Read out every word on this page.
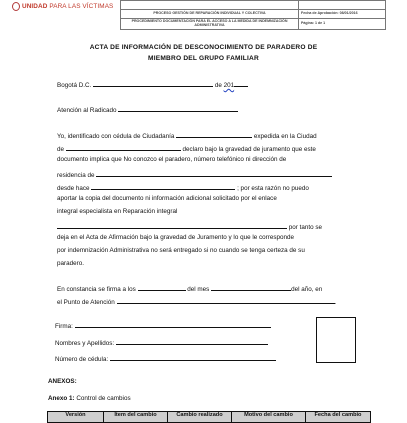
UNIDAD PARA LAS VÍCTIMAS

PROCESO GESTIÓN DE REPARACIÓN INDIVIDUAL Y COLECTIVA	Fecha de Aprobación: 08/01/2016
PROCEDIMIENTO DOCUMENTACIÓN PARA EL ACCESO A LA MEDIDA DE INDEMNIZACIÓN ADMINISTRATIVA	Página: 1 de 1
ACTA DE INFORMACIÓN DE DESCONOCIMIENTO DE PARADERO DE
MIEMBRO DEL GRUPO FAMILIAR
Bogotá D.C.	de 201
Atención al Radicado
Yo, identificado con cédula de Ciudadanía	expedida en la Ciudad
de	declaro bajo la gravedad de juramento que este
documento implica que No conozco el paradero, número telefónico ni dirección de
residencia de
desde hace	; por esta razón no puedo
aportar la copia del documento ni información adicional solicitado por el enlace
integral especialista en Reparación integral
por tanto se
deja en el Acta de Afirmación bajo la gravedad de Juramento y lo que le corresponde
por indemnización Administrativa no será entregado si no cuando se tenga certeza de su
paradero.
En constancia se firma a los	del mes	del año, en
el Punto de Atención	.
Firma:
Nombres y Apellidos:
Número de cédula:
ANEXOS:
Anexo 1: Control de cambios
Versión	Ítem del cambio	Cambio realizado	Motivo del cambio	Fecha del cambio
